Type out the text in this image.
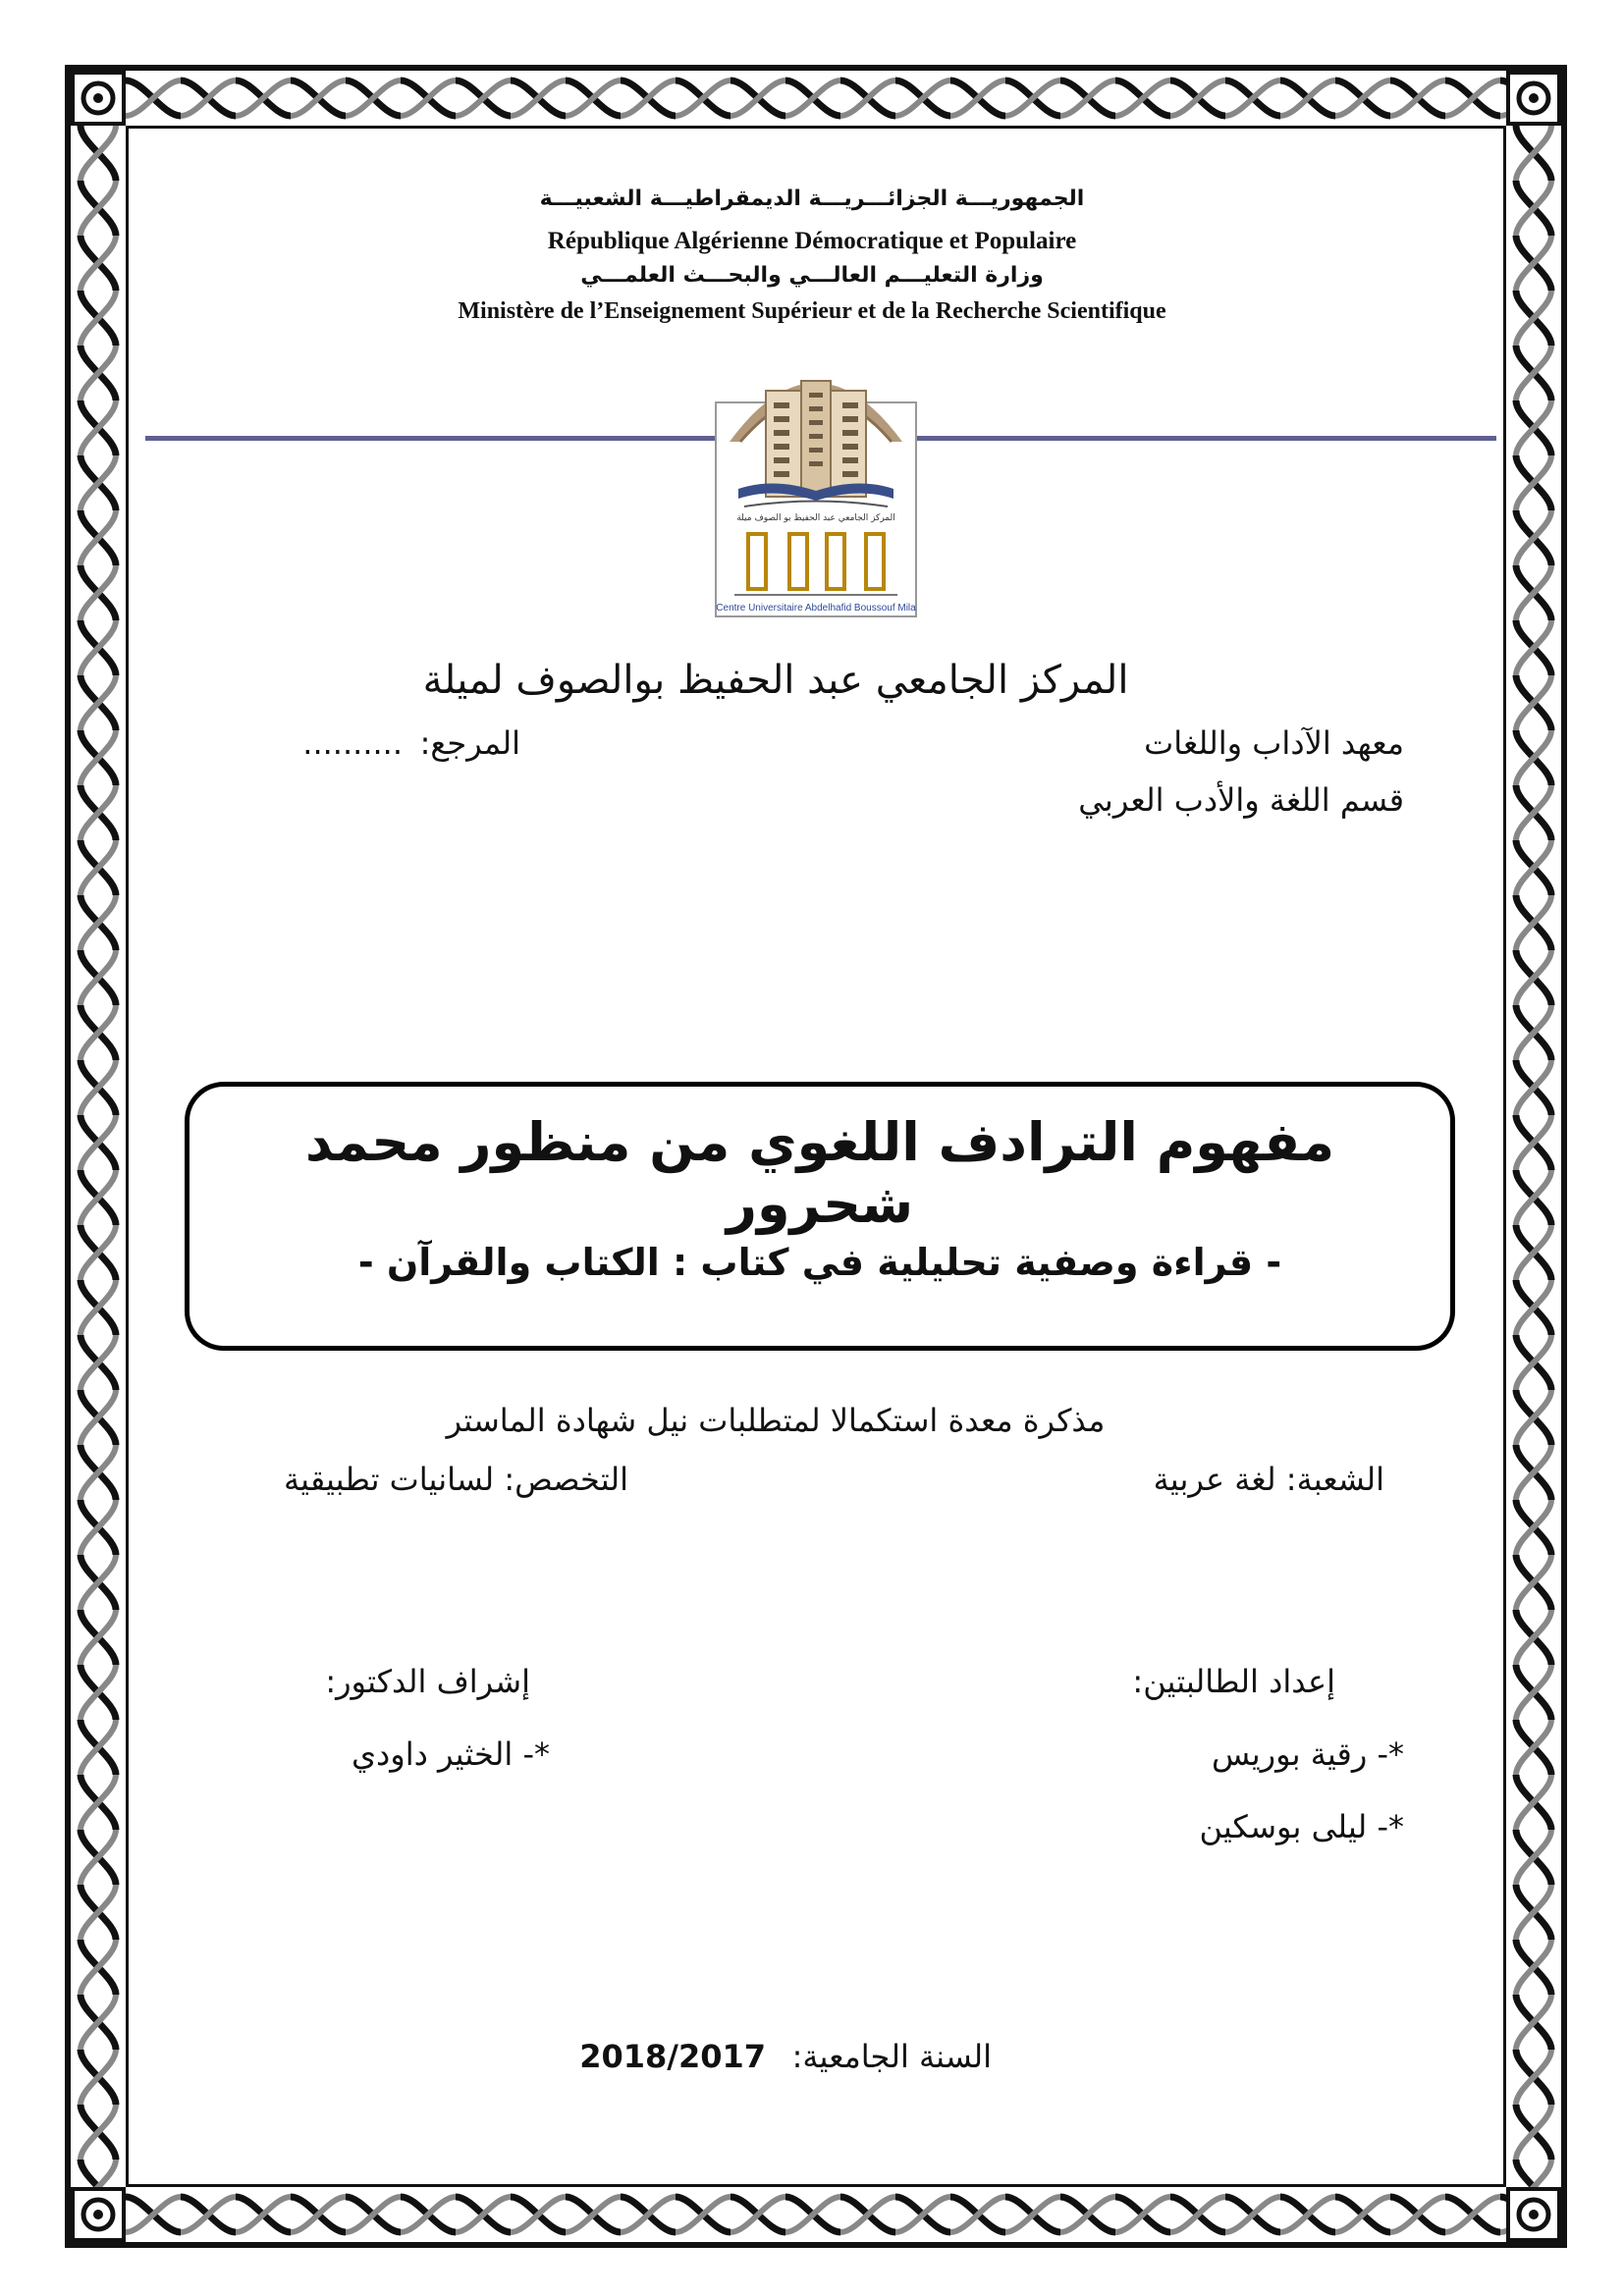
الجمهوريـــة الجزائـــريـــة الديمقراطيـــة الشعبيـــة
République Algérienne Démocratique et Populaire
وزارة التعليـــم العالـــي والبحـــث العلمـــي
Ministère de l’Enseignement Supérieur et de la Recherche Scientifique
المركز الجامعي عبد الحفيظ بو الصوف ميلة
Centre Universitaire Abdelhafid Boussouf Mila
المركز الجامعي عبد الحفيظ بوالصوف لميلة
معهد الآداب واللغات
المرجع:
..........
قسم اللغة والأدب العربي
مفهوم الترادف اللغوي من منظور محمد شحرور
- قراءة وصفية تحليلية في كتاب : الكتاب والقرآن -
مذكرة معدة استكمالا لمتطلبات نيل شهادة الماستر
الشعبة: لغة عربية
التخصص: لسانيات تطبيقية
إعداد الطالبتين:
*- رقية بوريس
*- ليلى بوسكين
إشراف الدكتور:
*- الخثير داودي
السنة الجامعية:
2018/2017
